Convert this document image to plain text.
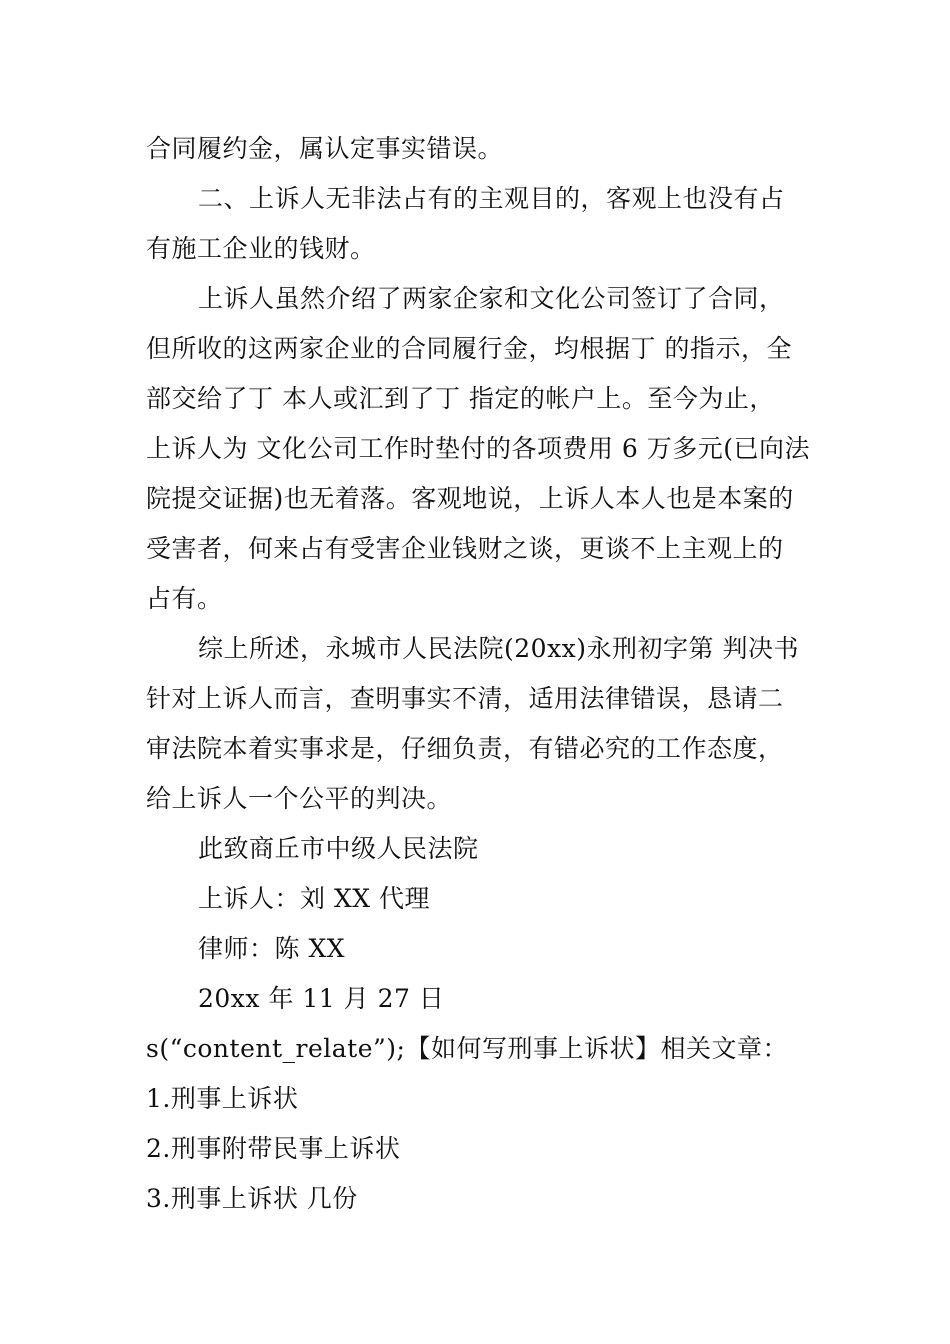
合同履约金，属认定事实错误。
二、上诉人无非法占有的主观目的，客观上也没有占
有施工企业的钱财。
上诉人虽然介绍了两家企家和文化公司签订了合同，
但所收的这两家企业的合同履行金，均根据丁 的指示，全
部交给了丁 本人或汇到了丁 指定的帐户上。至今为止，
上诉人为 文化公司工作时垫付的各项费用 6 万多元(已向法
院提交证据)也无着落。客观地说，上诉人本人也是本案的
受害者，何来占有受害企业钱财之谈，更谈不上主观上的
占有。
综上所述，永城市人民法院(20xx)永刑初字第 判决书
针对上诉人而言，查明事实不清，适用法律错误，恳请二
审法院本着实事求是，仔细负责，有错必究的工作态度，
给上诉人一个公平的判决。
此致商丘市中级人民法院
上诉人：刘 XX 代理
律师：陈 XX
20xx 年 11 月 27 日
s(“content_relate”);【如何写刑事上诉状】相关文章：
1.刑事上诉状
2.刑事附带民事上诉状
3.刑事上诉状 几份
